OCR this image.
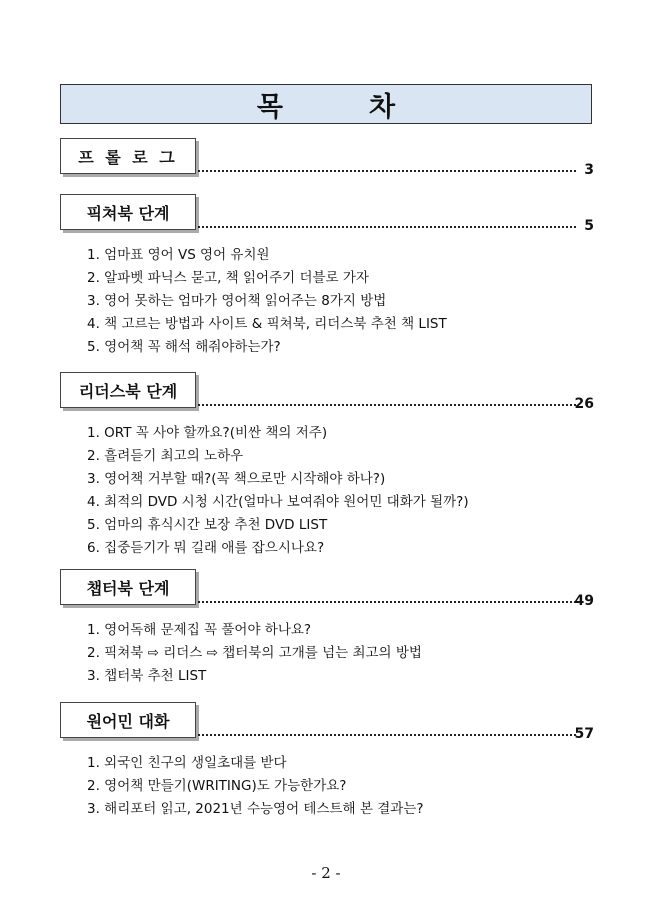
목	차
프 롤 로 그
3
픽쳐북 단계
5
1. 엄마표 영어 VS 영어 유치원
2. 알파벳 파닉스 묻고, 책 읽어주기 더블로 가자
3. 영어 못하는 엄마가 영어책 읽어주는 8가지 방법
4. 책 고르는 방법과 사이트 & 픽쳐북, 리더스북 추천 책 LIST
5. 영어책 꼭 해석 해줘야하는가?
리더스북 단계
26
1. ORT 꼭 사야 할까요?(비싼 책의 저주)
2. 흘려듣기 최고의 노하우
3. 영어책 거부할 때?(꼭 책으로만 시작해야 하나?)
4. 최적의 DVD 시청 시간(얼마나 보여줘야 원어민 대화가 될까?)
5. 엄마의 휴식시간 보장 추천 DVD LIST
6. 집중듣기가 뭐 길래 애를 잡으시나요?
챕터북 단계
49
1. 영어독해 문제집 꼭 풀어야 하나요?
2. 픽쳐북 ⇨ 리더스 ⇨ 챕터북의 고개를 넘는 최고의 방법
3. 챕터북 추천 LIST
원어민 대화
57
1. 외국인 친구의 생일초대를 받다
2. 영어책 만들기(WRITING)도 가능한가요?
3. 해리포터 읽고, 2021년 수능영어 테스트해 본 결과는?
- 2 -
